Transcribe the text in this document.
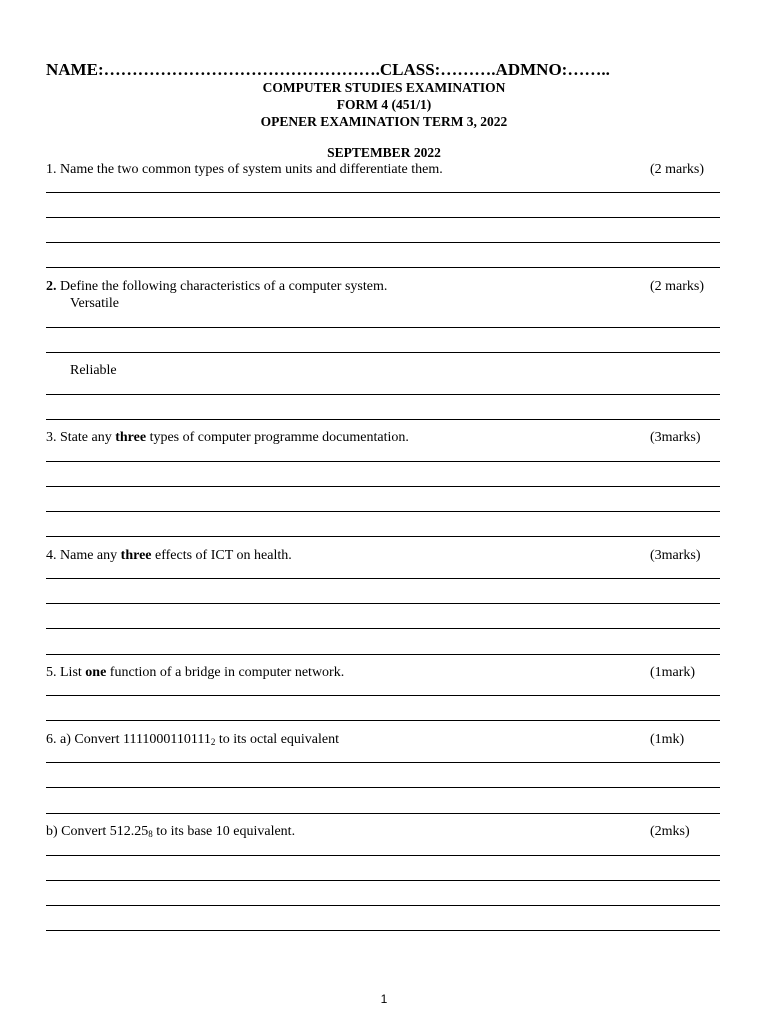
NAME:………………………………………….CLASS:……….ADMNO:……..
COMPUTER STUDIES EXAMINATION
FORM 4 (451/1)
OPENER EXAMINATION TERM 3, 2022
SEPTEMBER 2022
1. Name the two common types of system units and differentiate them.	(2 marks)
2. Define the following characteristics of a computer system.	(2 marks)
Versatile
Reliable
3. State any three types of computer programme documentation.	(3marks)
4. Name any three effects of ICT on health.	(3marks)
5. List one function of a bridge in computer network.	(1mark)
6. a) Convert $1111000110111_2$ to its octal equivalent	(1mk)
b) Convert $512.25_8$ to its base 10 equivalent.	(2mks)
1
